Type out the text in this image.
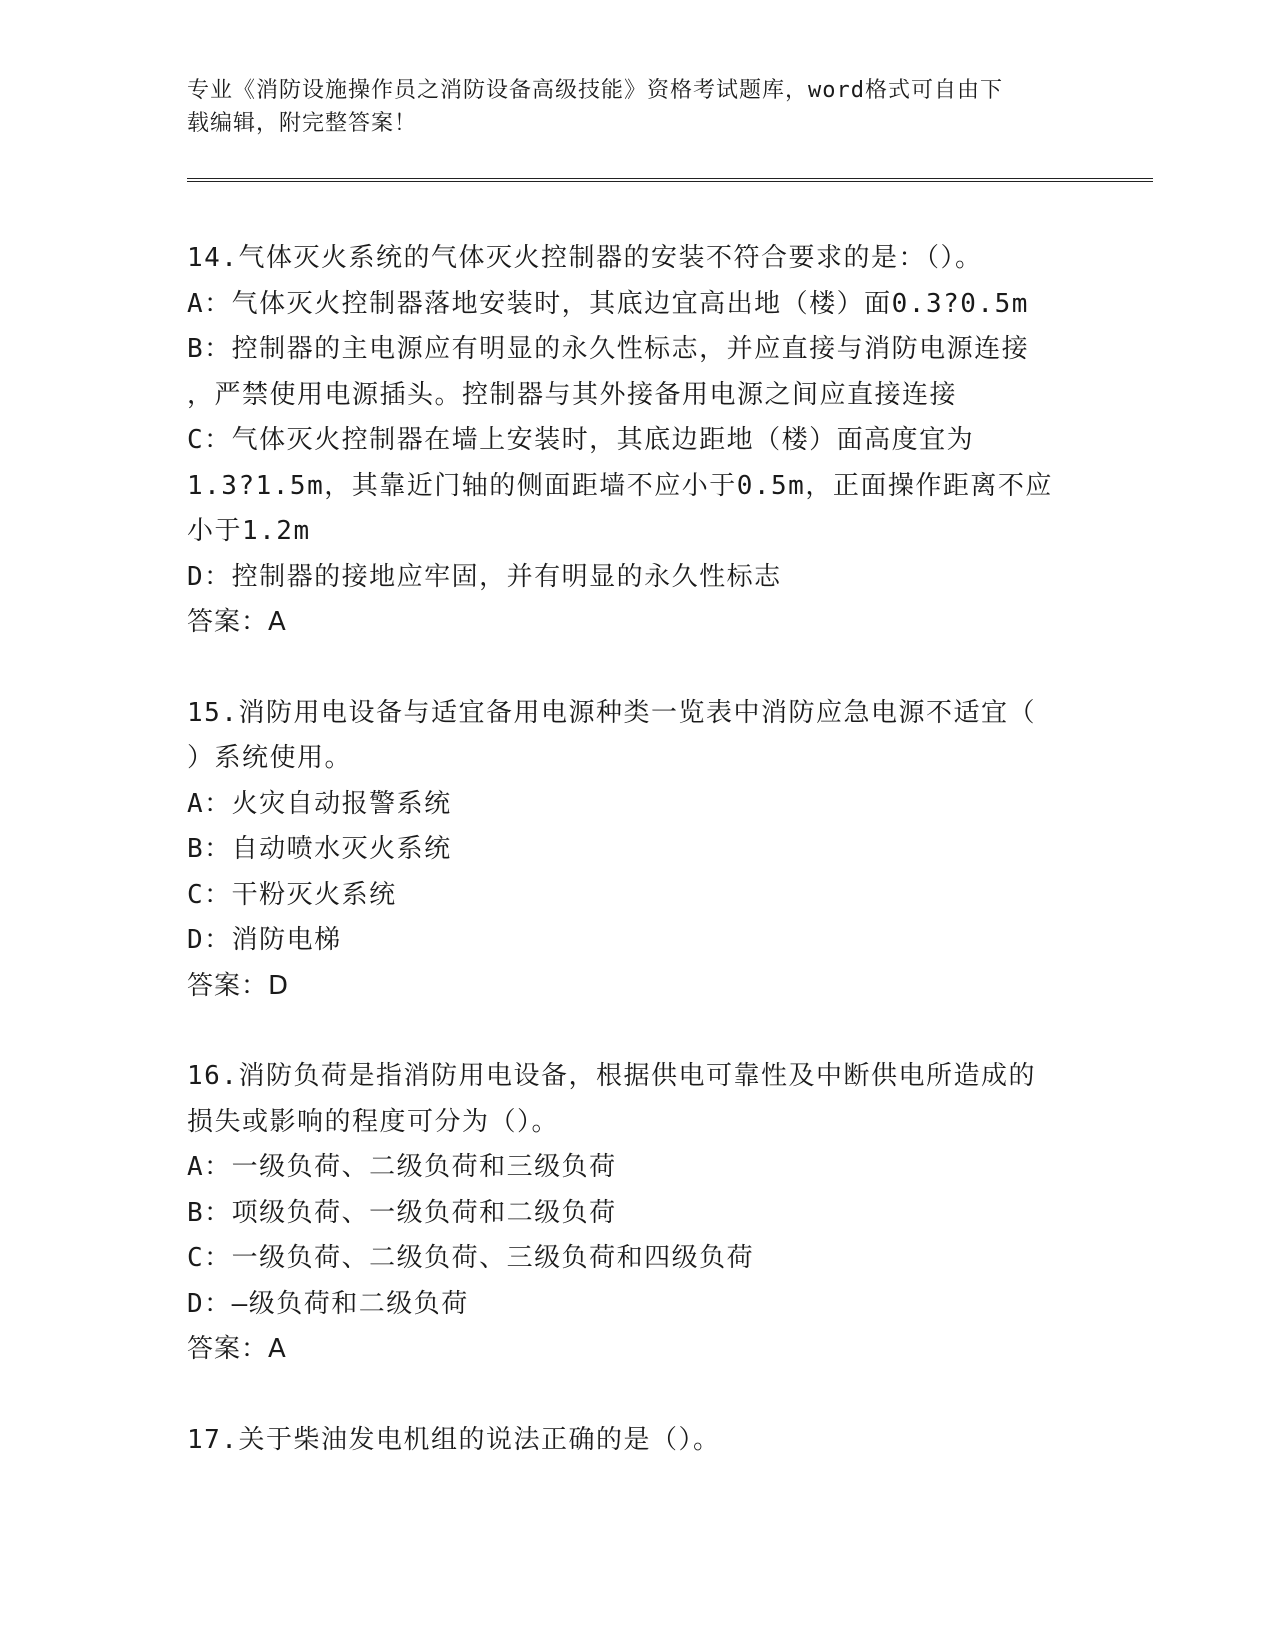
专业《消防设施操作员之消防设备高级技能》资格考试题库，word格式可自由下
载编辑，附完整答案！
14.气体灭火系统的气体灭火控制器的安装不符合要求的是：（）。
A：气体灭火控制器落地安装时，其底边宜高出地（楼）面0.3?0.5m
B：控制器的主电源应有明显的永久性标志，并应直接与消防电源连接
，严禁使用电源插头。控制器与其外接备用电源之间应直接连接
C：气体灭火控制器在墙上安装时，其底边距地（楼）面高度宜为
1.3?1.5m，其靠近门轴的侧面距墙不应小于0.5m，正面操作距离不应
小于1.2m
D：控制器的接地应牢固，并有明显的永久性标志
答案：A
15.消防用电设备与适宜备用电源种类一览表中消防应急电源不适宜（
）系统使用。
A：火灾自动报警系统
B：自动喷水灭火系统
C：干粉灭火系统
D：消防电梯
答案：D
16.消防负荷是指消防用电设备，根据供电可靠性及中断供电所造成的
损失或影响的程度可分为（）。
A：一级负荷、二级负荷和三级负荷
B：项级负荷、一级负荷和二级负荷
C：一级负荷、二级负荷、三级负荷和四级负荷
D：—级负荷和二级负荷
答案：A
17.关于柴油发电机组的说法正确的是（）。
